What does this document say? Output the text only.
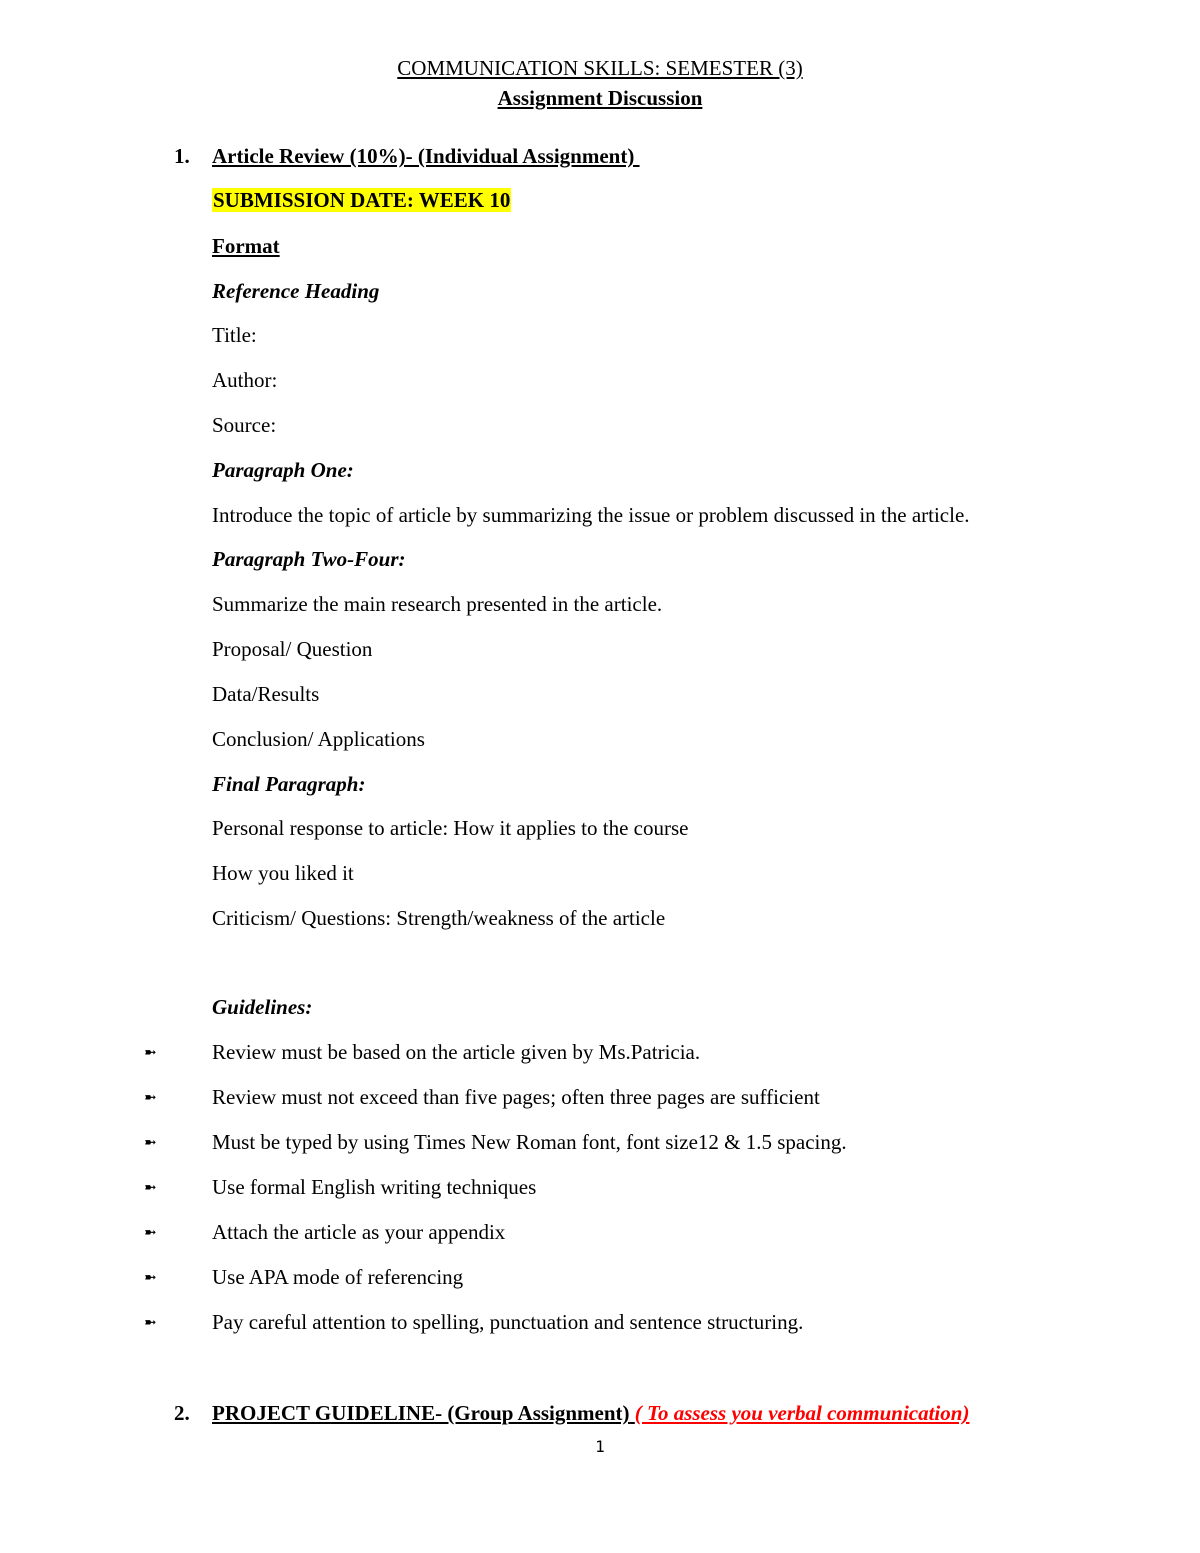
COMMUNICATION SKILLS: SEMESTER (3)
Assignment Discussion
1. Article Review (10%)- (Individual Assignment)
SUBMISSION DATE: WEEK 10
Format
Reference Heading
Title:
Author:
Source:
Paragraph One:
Introduce the topic of article by summarizing the issue or problem discussed in the article.
Paragraph Two-Four:
Summarize the main research presented in the article.
Proposal/ Question
Data/Results
Conclusion/ Applications
Final Paragraph:
Personal response to article: How it applies to the course
How you liked it
Criticism/ Questions: Strength/weakness of the article
Guidelines:
➼	Review must be based on the article given by Ms.Patricia.
➼	Review must not exceed than five pages; often three pages are sufficient
➼	Must be typed by using Times New Roman font, font size12 & 1.5 spacing.
➼	Use formal English writing techniques
➼	Attach the article as your appendix
➼	Use APA mode of referencing
➼	Pay careful attention to spelling, punctuation and sentence structuring.
2. PROJECT GUIDELINE- (Group Assignment) ( To assess you verbal communication)
1
